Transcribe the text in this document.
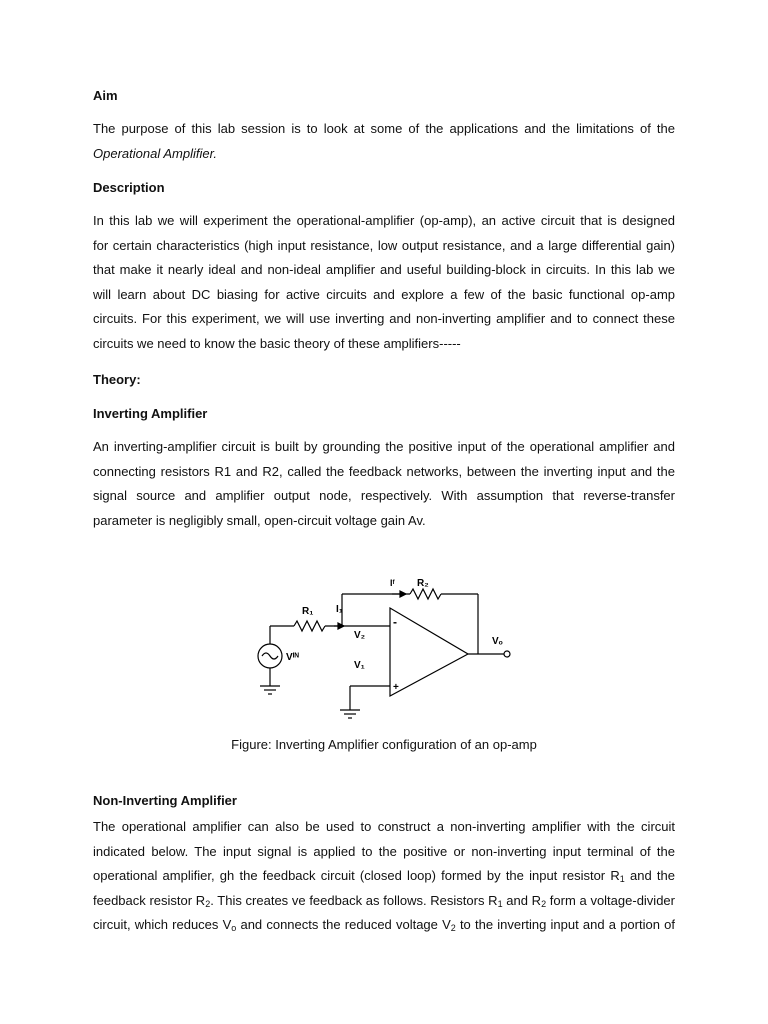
Aim
The purpose of this lab session is to look at some of the applications and the limitations of the
Operational Amplifier.
Description
In this lab we will experiment the operational-amplifier (op-amp), an active circuit that is designed
for certain characteristics (high input resistance, low output resistance, and a large differential gain)
that make it nearly ideal and non-ideal amplifier and useful building-block in circuits. In this lab we
will learn about DC biasing for active circuits and explore a few of the basic functional op-amp
circuits. For this experiment, we will use inverting and non-inverting amplifier and to connect these
circuits we need to know the basic theory of these amplifiers-----
Theory:
Inverting Amplifier
An inverting-amplifier circuit is built by grounding the positive input of the operational amplifier and
connecting resistors R1 and R2, called the feedback networks, between the inverting input and the
signal source and amplifier output node, respectively. With assumption that reverse-transfer
parameter is negligibly small, open-circuit voltage gain Av.
Non-Inverting Amplifier
The operational amplifier can also be used to construct a non-inverting amplifier with the circuit
indicated below. The input signal is applied to the positive or non-inverting input terminal of the
operational amplifier, gh the feedback circuit (closed loop) formed by the input resistor $R_1$ and the
feedback resistor $R_2$. This creates ve feedback as follows. Resistors $R_1$ and $R_2$ form a voltage-divider
circuit, which reduces $V_o$ and connects the reduced voltage $V_2$ to the inverting input and a portion of
R₂
Iᶠ
R₁ I₁
V₂
V₁
Vᴵᴺ
Vₒ
-
+
Figure: Inverting Amplifier configuration of an op-amp
